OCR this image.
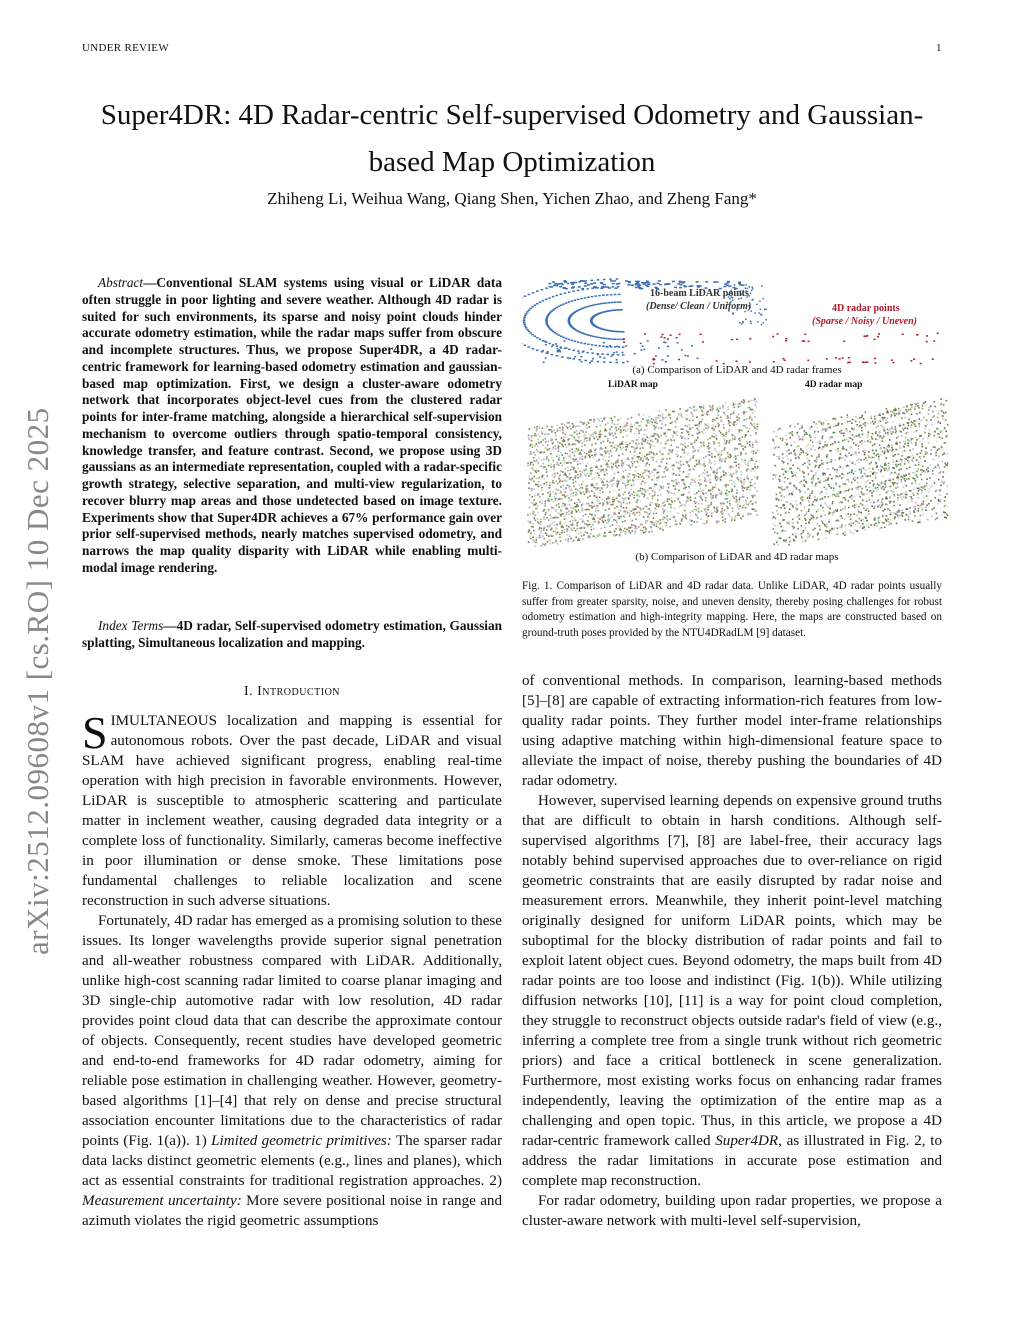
UNDER REVIEW	1
arXiv:2512.09608v1 [cs.RO] 10 Dec 2025
Super4DR: 4D Radar-centric Self-supervised Odometry and Gaussian-based Map Optimization
Zhiheng Li, Weihua Wang, Qiang Shen, Yichen Zhao, and Zheng Fang*
Abstract—Conventional SLAM systems using visual or LiDAR data often struggle in poor lighting and severe weather. Although 4D radar is suited for such environments, its sparse and noisy point clouds hinder accurate odometry estimation, while the radar maps suffer from obscure and incomplete structures. Thus, we propose Super4DR, a 4D radar-centric framework for learning-based odometry estimation and gaussian-based map optimization. First, we design a cluster-aware odometry network that incorporates object-level cues from the clustered radar points for inter-frame matching, alongside a hierarchical self-supervision mechanism to overcome outliers through spatio-temporal consistency, knowledge transfer, and feature contrast. Second, we propose using 3D gaussians as an intermediate representation, coupled with a radar-specific growth strategy, selective separation, and multi-view regularization, to recover blurry map areas and those undetected based on image texture. Experiments show that Super4DR achieves a 67% performance gain over prior self-supervised methods, nearly matches supervised odometry, and narrows the map quality disparity with LiDAR while enabling multi-modal image rendering.
Index Terms—4D radar, Self-supervised odometry estimation, Gaussian splatting, Simultaneous localization and mapping.
I. Introduction

SIMULTANEOUS localization and mapping is essential for autonomous robots. Over the past decade, LiDAR and visual SLAM have achieved significant progress, enabling real-time operation with high precision in favorable environments. However, LiDAR is susceptible to atmospheric scattering and particulate matter in inclement weather, causing degraded data integrity or a complete loss of functionality. Similarly, cameras become ineffective in poor illumination or dense smoke. These limitations pose fundamental challenges to reliable localization and scene reconstruction in such adverse situations.

Fortunately, 4D radar has emerged as a promising solution to these issues. Its longer wavelengths provide superior signal penetration and all-weather robustness compared with LiDAR. Additionally, unlike high-cost scanning radar limited to coarse planar imaging and 3D single-chip automotive radar with low resolution, 4D radar provides point cloud data that can describe the approximate contour of objects. Consequently, recent studies have developed geometric and end-to-end frameworks for 4D radar odometry, aiming for reliable pose estimation in challenging weather. However, geometry-based algorithms [1]–[4] that rely on dense and precise structural association encounter limitations due to the characteristics of radar points (Fig. 1(a)). 1) Limited geometric primitives: The sparser radar data lacks distinct geometric elements (e.g., lines and planes), which act as essential constraints for traditional registration approaches. 2) Measurement uncertainty: More severe positional noise in range and azimuth violates the rigid geometric assumptions

16-beam LiDAR points
(Dense/ Clean / Uniform)	4D radar points
(Sparse / Noisy / Uneven)
(a) Comparison of LiDAR and 4D radar frames
LiDAR map	4D radar map
(b) Comparison of LiDAR and 4D radar maps
Fig. 1. Comparison of LiDAR and 4D radar data. Unlike LiDAR, 4D radar points usually suffer from greater sparsity, noise, and uneven density, thereby posing challenges for robust odometry estimation and high-integrity mapping. Here, the maps are constructed based on ground-truth poses provided by the NTU4DRadLM [9] dataset.

of conventional methods. In comparison, learning-based methods [5]–[8] are capable of extracting information-rich features from low-quality radar points. They further model inter-frame relationships using adaptive matching within high-dimensional feature space to alleviate the impact of noise, thereby pushing the boundaries of 4D radar odometry.

However, supervised learning depends on expensive ground truths that are difficult to obtain in harsh conditions. Although self-supervised algorithms [7], [8] are label-free, their accuracy lags notably behind supervised approaches due to over-reliance on rigid geometric constraints that are easily disrupted by radar noise and measurement errors. Meanwhile, they inherit point-level matching originally designed for uniform LiDAR points, which may be suboptimal for the blocky distribution of radar points and fail to exploit latent object cues. Beyond odometry, the maps built from 4D radar points are too loose and indistinct (Fig. 1(b)). While utilizing diffusion networks [10], [11] is a way for point cloud completion, they struggle to reconstruct objects outside radar's field of view (e.g., inferring a complete tree from a single trunk without rich geometric priors) and face a critical bottleneck in scene generalization. Furthermore, most existing works focus on enhancing radar frames independently, leaving the optimization of the entire map as a challenging and open topic. Thus, in this article, we propose a 4D radar-centric framework called Super4DR, as illustrated in Fig. 2, to address the radar limitations in accurate pose estimation and complete map reconstruction.

For radar odometry, building upon radar properties, we propose a cluster-aware network with multi-level self-supervision,
